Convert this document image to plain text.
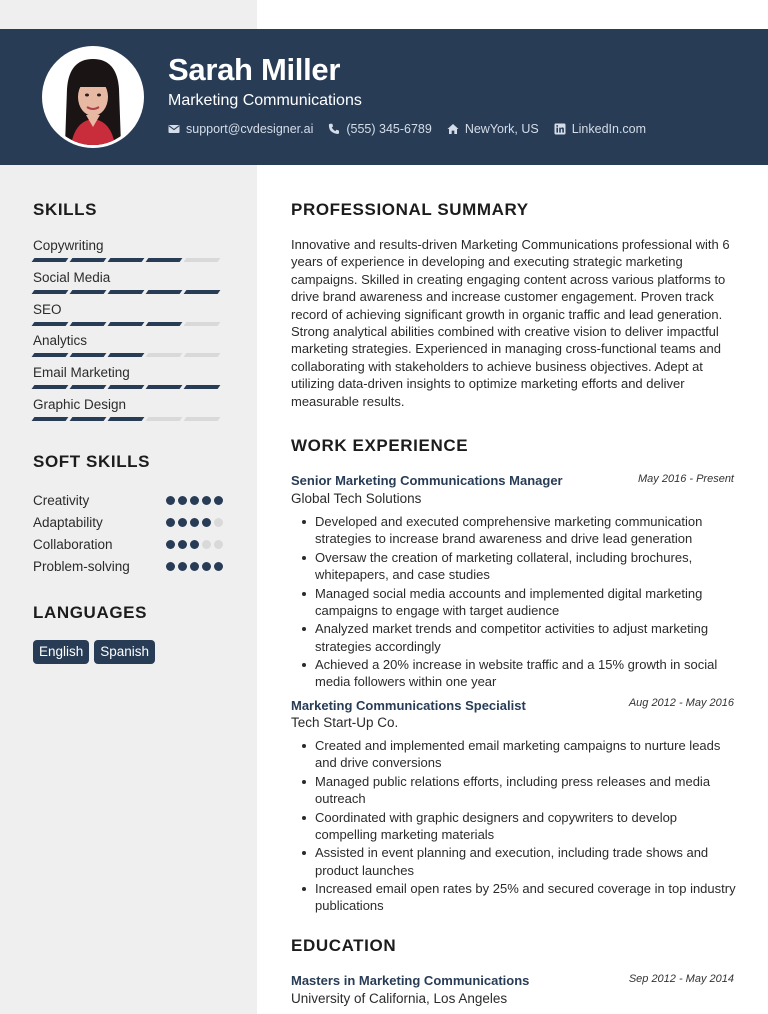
Sarah Miller
Marketing Communications
support@cvdesigner.ai	(555) 345-6789	NewYork, US	LinkedIn.com
SKILLS
Copywriting
Social Media
SEO
Analytics
Email Marketing
Graphic Design
SOFT SKILLS
Creativity
Adaptability
Collaboration
Problem-solving
LANGUAGES
English	Spanish
PROFESSIONAL SUMMARY
Innovative and results-driven Marketing Communications professional with 6 years of experience in developing and executing strategic marketing campaigns. Skilled in creating engaging content across various platforms to drive brand awareness and increase customer engagement. Proven track record of achieving significant growth in organic traffic and lead generation. Strong analytical abilities combined with creative vision to deliver impactful marketing strategies. Experienced in managing cross-functional teams and collaborating with stakeholders to achieve business objectives. Adept at utilizing data-driven insights to optimize marketing efforts and deliver measurable results.
WORK EXPERIENCE
Senior Marketing Communications Manager	May 2016 - Present
Global Tech Solutions
Developed and executed comprehensive marketing communication strategies to increase brand awareness and drive lead generation
Oversaw the creation of marketing collateral, including brochures, whitepapers, and case studies
Managed social media accounts and implemented digital marketing campaigns to engage with target audience
Analyzed market trends and competitor activities to adjust marketing strategies accordingly
Achieved a 20% increase in website traffic and a 15% growth in social media followers within one year
Marketing Communications Specialist	Aug 2012 - May 2016
Tech Start-Up Co.
Created and implemented email marketing campaigns to nurture leads and drive conversions
Managed public relations efforts, including press releases and media outreach
Coordinated with graphic designers and copywriters to develop compelling marketing materials
Assisted in event planning and execution, including trade shows and product launches
Increased email open rates by 25% and secured coverage in top industry publications
EDUCATION
Masters in Marketing Communications	Sep 2012 - May 2014
University of California, Los Angeles
